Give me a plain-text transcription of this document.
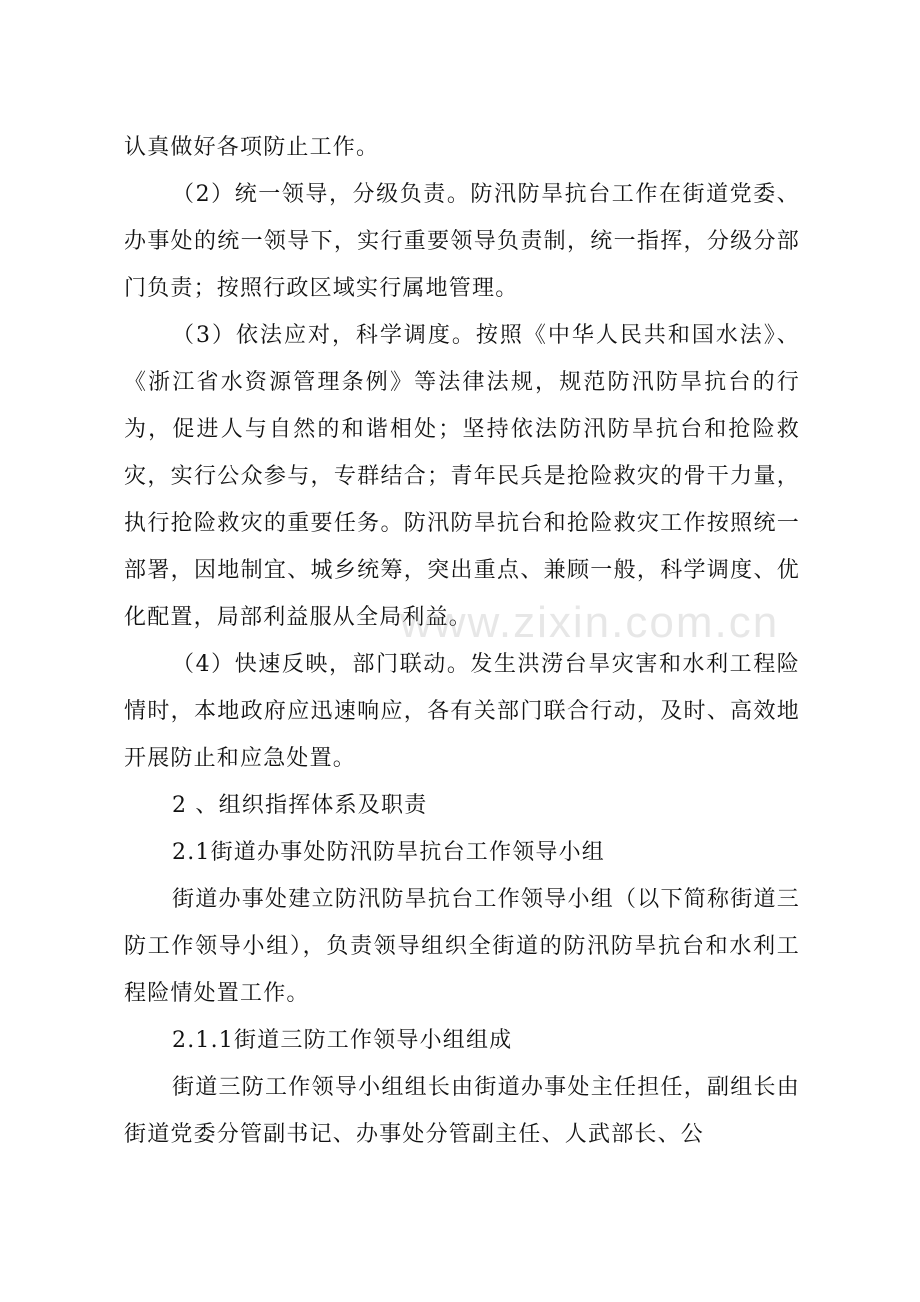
认真做好各项防止工作。

（2）统一领导，分级负责。防汛防旱抗台工作在街道党委、办事处的统一领导下，实行重要领导负责制，统一指挥，分级分部门负责；按照行政区域实行属地管理。

（3）依法应对，科学调度。按照《中华人民共和国水法》、《浙江省水资源管理条例》等法律法规，规范防汛防旱抗台的行为，促进人与自然的和谐相处；坚持依法防汛防旱抗台和抢险救灾，实行公众参与，专群结合；青年民兵是抢险救灾的骨干力量，执行抢险救灾的重要任务。防汛防旱抗台和抢险救灾工作按照统一部署，因地制宜、城乡统筹，突出重点、兼顾一般，科学调度、优化配置，局部利益服从全局利益。

（4）快速反映，部门联动。发生洪涝台旱灾害和水利工程险情时，本地政府应迅速响应，各有关部门联合行动，及时、高效地开展防止和应急处置。

2 、组织指挥体系及职责

2.1街道办事处防汛防旱抗台工作领导小组

街道办事处建立防汛防旱抗台工作领导小组（以下简称街道三防工作领导小组），负责领导组织全街道的防汛防旱抗台和水利工程险情处置工作。

2.1.1街道三防工作领导小组组成

街道三防工作领导小组组长由街道办事处主任担任，副组长由街道党委分管副书记、办事处分管副主任、人武部长、公

www.zixin.com.cn
